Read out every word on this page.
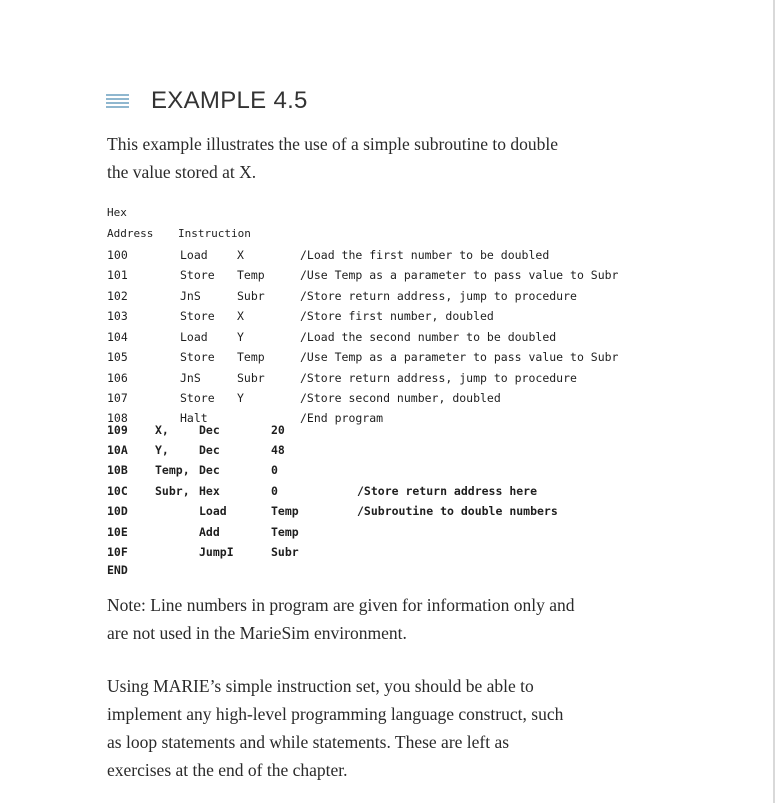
EXAMPLE 4.5

This example illustrates the use of a simple subroutine to double the value stored at X.

Hex
Address Instruction
100	Load	X	/Load the first number to be doubled
101	Store Temp	/Use Temp as a parameter to pass value to Subr
102	JnS	Subr	/Store return address, jump to procedure
103	Store X	/Store first number, doubled
104	Load	Y	/Load the second number to be doubled
105	Store Temp	/Use Temp as a parameter to pass value to Subr
106	JnS	Subr	/Store return address, jump to procedure
107	Store Y	/Store second number, doubled
108	Halt	/End program
109 X,	Dec	20
10A Y,	Dec	48
10B Temp, Dec	0
10C Subr, Hex	0	/Store return address here
10D	Load	Temp	/Subroutine to double numbers
10E	Add	Temp
10F	JumpI	Subr
END

Note: Line numbers in program are given for information only and are not used in the MarieSim environment.

Using MARIE’s simple instruction set, you should be able to implement any high-level programming language construct, such as loop statements and while statements. These are left as exercises at the end of the chapter.
